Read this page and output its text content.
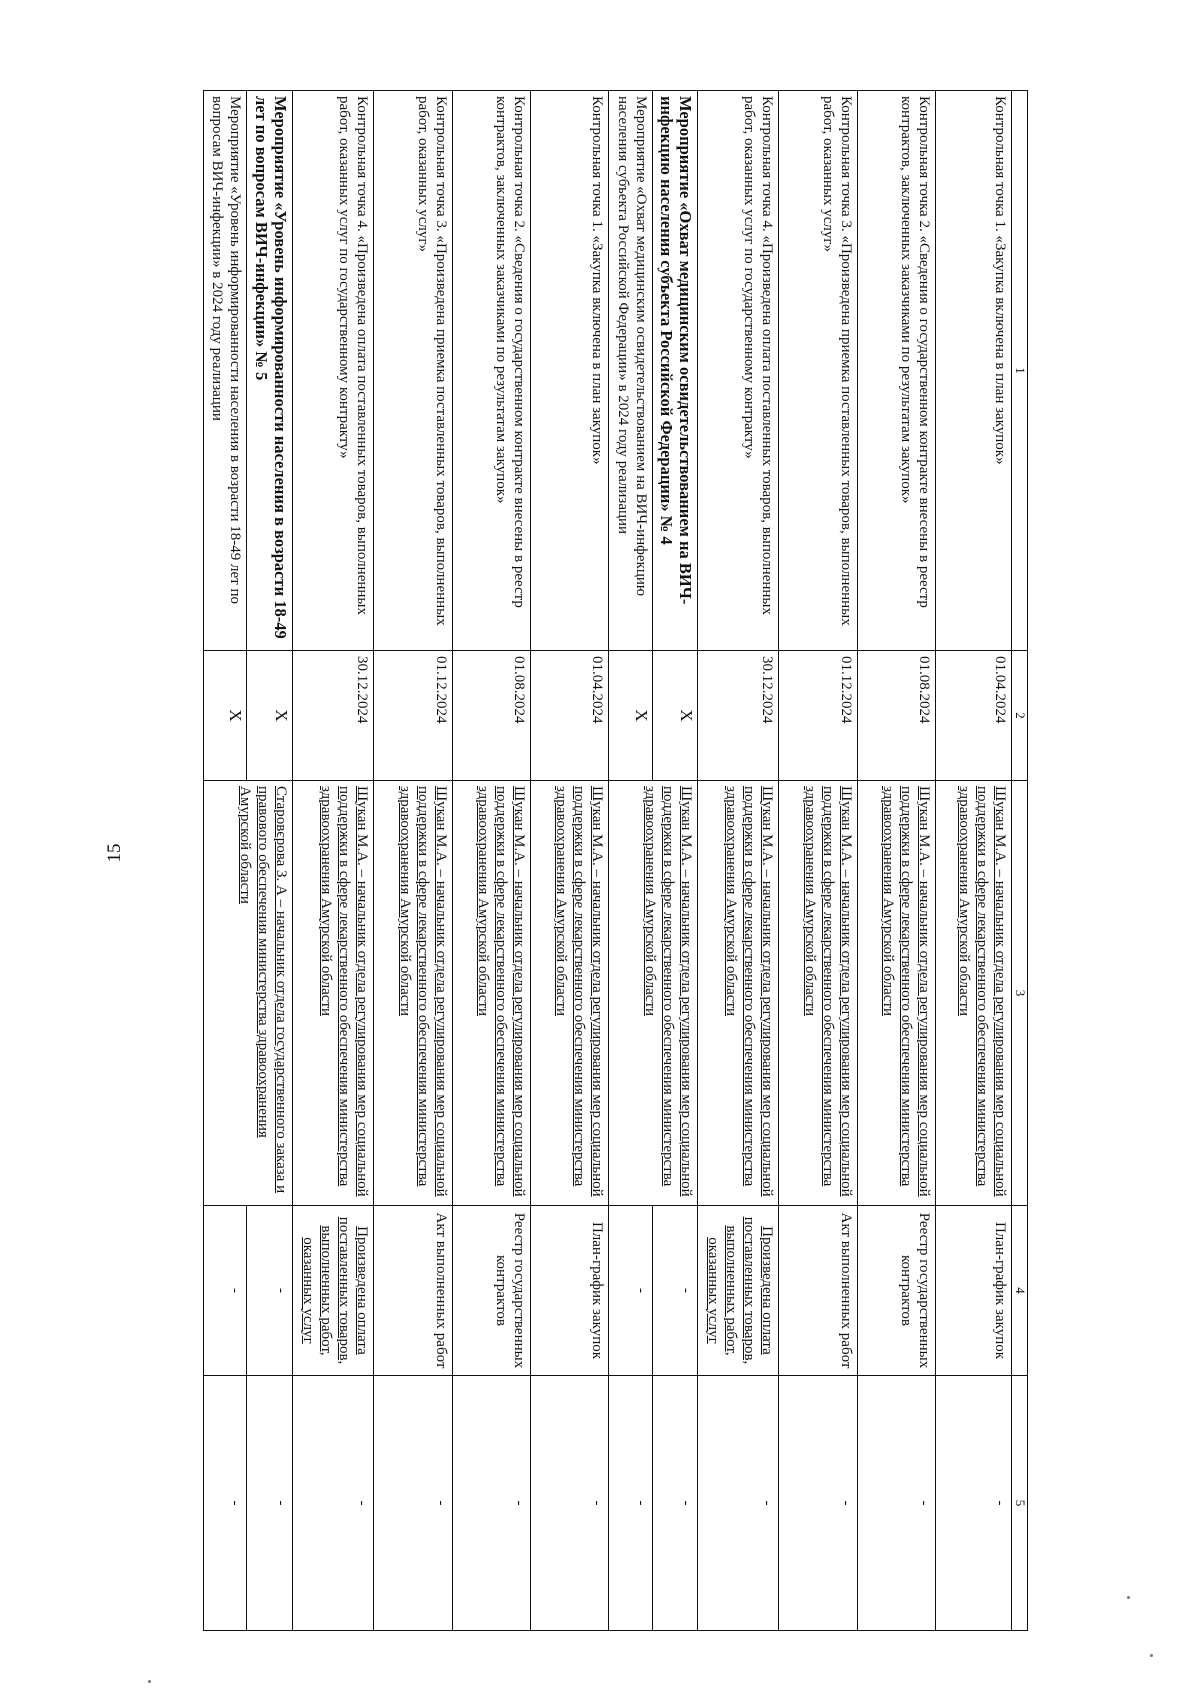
15
1	2	3	4	5
Контрольная точка 1. «Закупка включена в план закупок»	01.04.2024	Шукан М.А. – начальник отдела регулирования мер социальной поддержки в сфере лекарственного обеспечения министерства здравоохранения Амурской области	План-график закупок	-
Контрольная точка 2. «Сведения о государственном контракте внесены в реестр контрактов, заключенных заказчиками по результатам закупок»	01.08.2024	Шукан М.А. – начальник отдела регулирования мер социальной поддержки в сфере лекарственного обеспечения министерства здравоохранения Амурской области	Реестр государственных контрактов	-
Контрольная точка 3. «Произведена приемка поставленных товаров, выполненных работ, оказанных услуг»	01.12.2024	Шукан М.А. – начальник отдела регулирования мер социальной поддержки в сфере лекарственного обеспечения министерства здравоохранения Амурской области	Акт выполненных работ	-
Контрольная точка 4. «Произведена оплата поставленных товаров, выполненных работ, оказанных услуг по государственному контракту»	30.12.2024	Шукан М.А. – начальник отдела регулирования мер социальной поддержки в сфере лекарственного обеспечения министерства здравоохранения Амурской области	Произведена оплата поставленных товаров, выполненных работ, оказанных услуг	-
Мероприятие «Охват медицинским освидетельствованием на ВИЧ-инфекцию населения субъекта Российской Федерации» № 4	X	Шукан М.А. – начальник отдела регулирования мер социальной поддержки в сфере лекарственного обеспечения министерства здравоохранения Амурской области	-	-
Мероприятие «Охват медицинским освидетельствованием на ВИЧ-инфекцию населения субъекта Российской Федерации» в 2024 году реализации	X		-	-
Контрольная точка 1. «Закупка включена в план закупок»	01.04.2024	Шукан М.А. – начальник отдела регулирования мер социальной поддержки в сфере лекарственного обеспечения министерства здравоохранения Амурской области	План-график закупок	-
Контрольная точка 2. «Сведения о государственном контракте внесены в реестр контрактов, заключенных заказчиками по результатам закупок»	01.08.2024	Шукан М.А. – начальник отдела регулирования мер социальной поддержки в сфере лекарственного обеспечения министерства здравоохранения Амурской области	Реестр государственных контрактов	-
Контрольная точка 3. «Произведена приемка поставленных товаров, выполненных работ, оказанных услуг»	01.12.2024	Шукан М.А. – начальник отдела регулирования мер социальной поддержки в сфере лекарственного обеспечения министерства здравоохранения Амурской области	Акт выполненных работ	-
Контрольная точка 4. «Произведена оплата поставленных товаров, выполненных работ, оказанных услуг по государственному контракту»	30.12.2024	Шукан М.А. – начальник отдела регулирования мер социальной поддержки в сфере лекарственного обеспечения министерства здравоохранения Амурской области	Произведена оплата поставленных товаров, выполненных работ, оказанных услуг	-
Мероприятие «Уровень информированности населения в возрасти 18-49 лет по вопросам ВИЧ-инфекции» № 5	X	Старовєрова З. А – начальник отдела государственного заказа и правового обеспечения министерства здравоохранения Амурской области	-	-
Мероприятие «Уровень информированности населения в возрасти 18-49 лет по вопросам ВИЧ-инфекции» в 2024 году реализации	X		-	-
